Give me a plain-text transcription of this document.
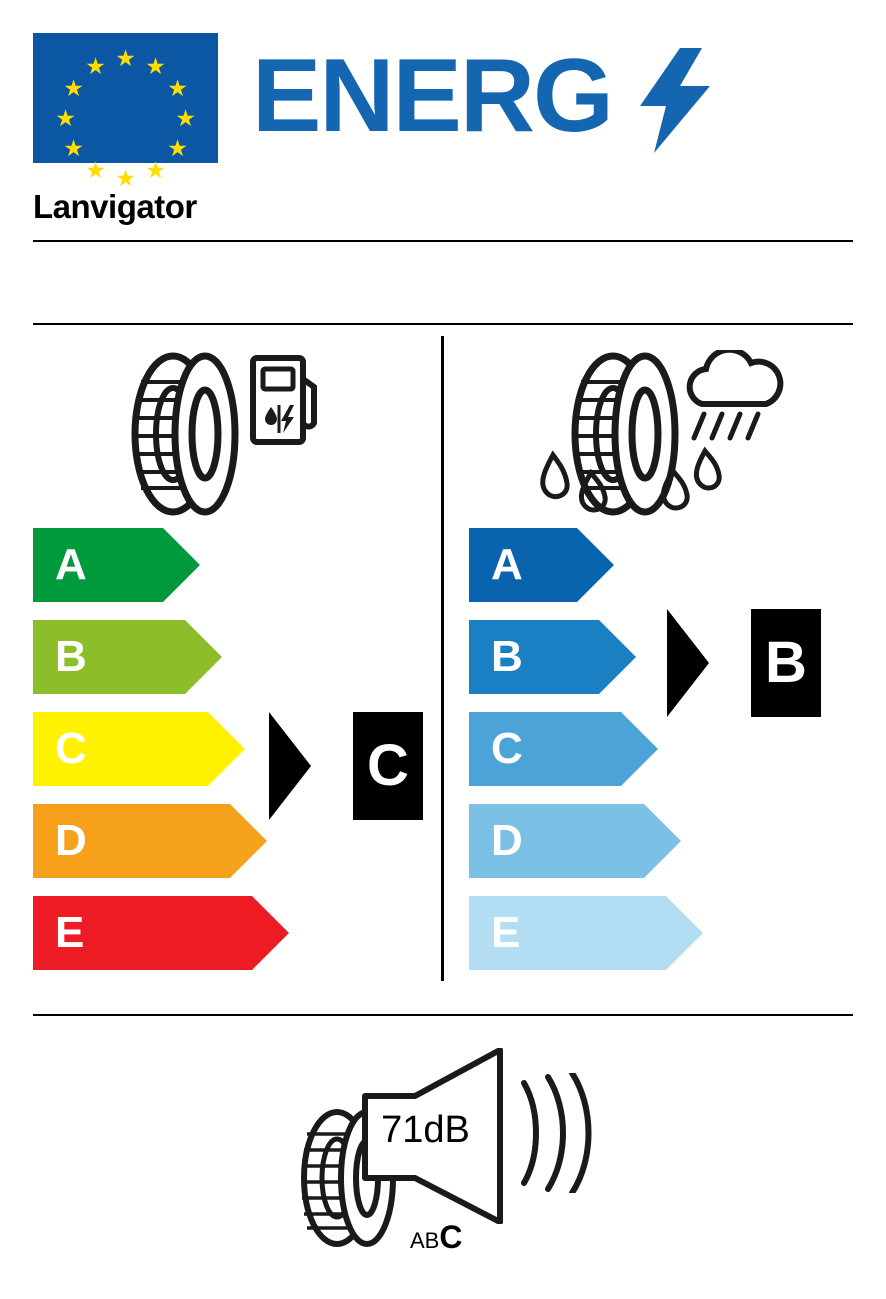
★ ★
★
★
★
★
★
★
★
★
★
★ ENERG
Lanvigator
A
B
C
D
E
C
A
B
C
D
E
B
71dB
ABC
